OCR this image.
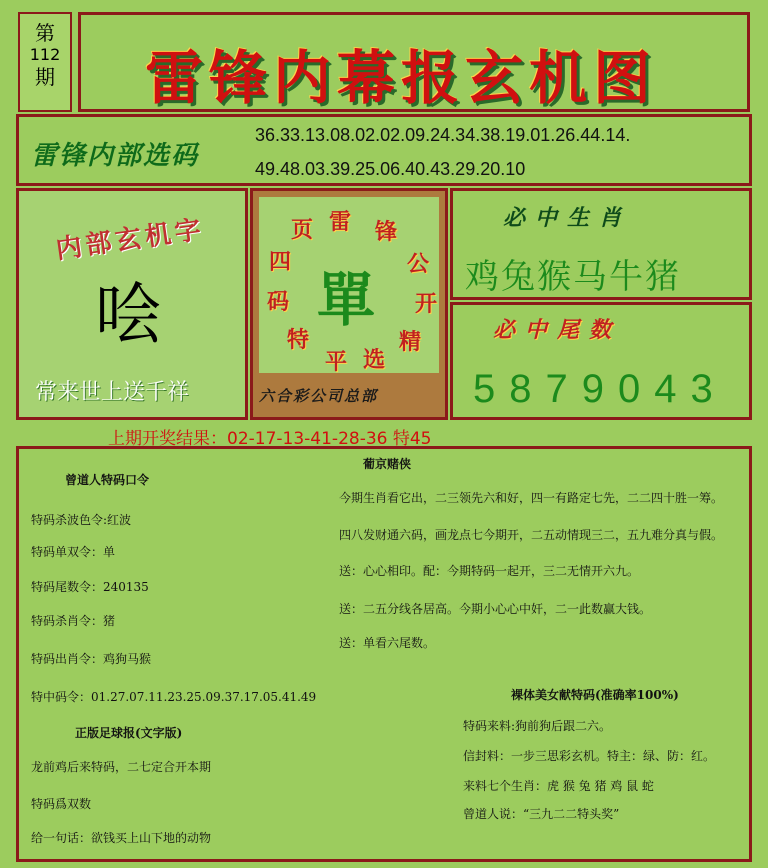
第
112
期	雷锋内幕报玄机图
雷锋内部选码
36.33.13.08.02.02.09.24.34.38.19.01.26.44.14.
49.48.03.39.25.06.40.43.29.20.10
内部玄机字
哙
常来世上送千祥
雷 锋
公
开
精
选
平
特
码
四
页
單
六合彩公司总部
必中生肖
鸡兔猴马牛猪
必中尾数
5879043
上期开奖结果：02-17-13-41-28-36 特45
曾道人特码口令
特码杀波色令:红波
特码单双令：单
特码尾数令：240135
特码杀肖令：猪
特码出肖令：鸡狗马猴
特中码令：01.27.07.11.23.25.09.37.17.05.41.49
正版足球报(文字版)
龙前鸡后来特码，二七定合开本期
特码爲双数
给一句话：欲钱买上山下地的动物
葡京赌侠
今期生肖看它出，二三领先六和好，四一有路定七先，二二四十胜一筹。
四八发财通六码，画龙点七今期开，二五动情现三二，五九难分真与假。
送：心心相印。配：今期特码一起开，三二无情开六九。
送：二五分线各居高。今期小心心中奸，二一此数赢大钱。
送：单看六尾数。
裸体美女献特码(准确率100%)
特码来料:狗前狗后跟二六。
信封料：一步三思彩玄机。特主：绿、防：红。
来料七个生肖：虎 猴 兔 猪 鸡 鼠 蛇
曾道人说：“三九二二特头奖”
